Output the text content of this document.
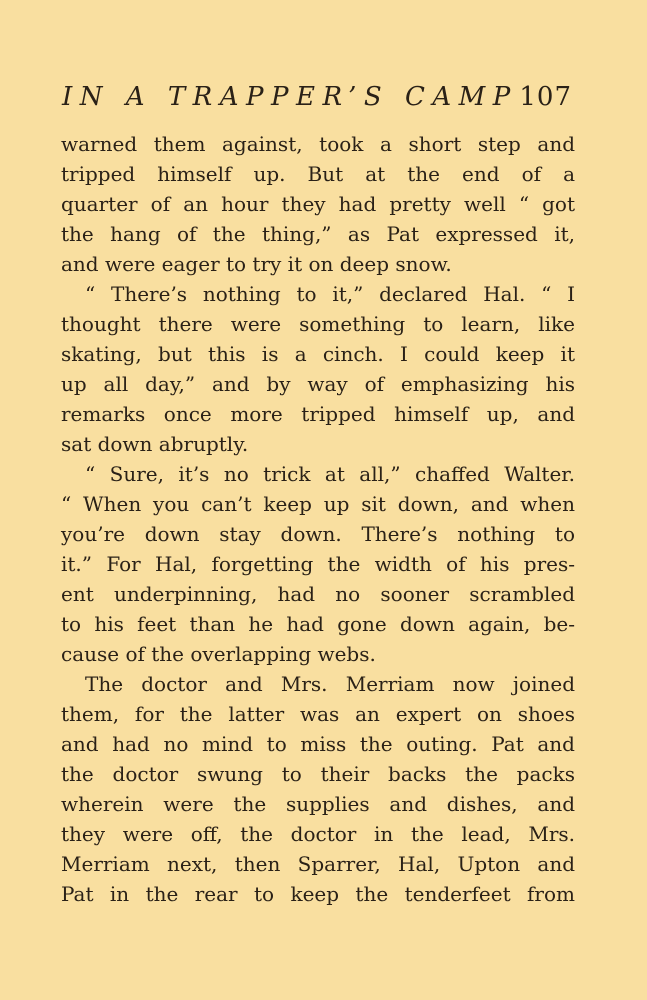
IN A TRAPPER’S CAMP 107
warned them against, took a short step and
tripped himself up. But at the end of a
quarter of an hour they had pretty well “ got
the hang of the thing,” as Pat expressed it,
and were eager to try it on deep snow.
“ There’s nothing to it,” declared Hal. “ I
thought there were something to learn, like
skating, but this is a cinch. I could keep it
up all day,” and by way of emphasizing his
remarks once more tripped himself up, and
sat down abruptly.
“ Sure, it’s no trick at all,” chaffed Walter.
“ When you can’t keep up sit down, and when
you’re down stay down. There’s nothing to
it.” For Hal, forgetting the width of his pres-
ent underpinning, had no sooner scrambled
to his feet than he had gone down again, be-
cause of the overlapping webs.
The doctor and Mrs. Merriam now joined
them, for the latter was an expert on shoes
and had no mind to miss the outing. Pat and
the doctor swung to their backs the packs
wherein were the supplies and dishes, and
they were off, the doctor in the lead, Mrs.
Merriam next, then Sparrer, Hal, Upton and
Pat in the rear to keep the tenderfeet from
